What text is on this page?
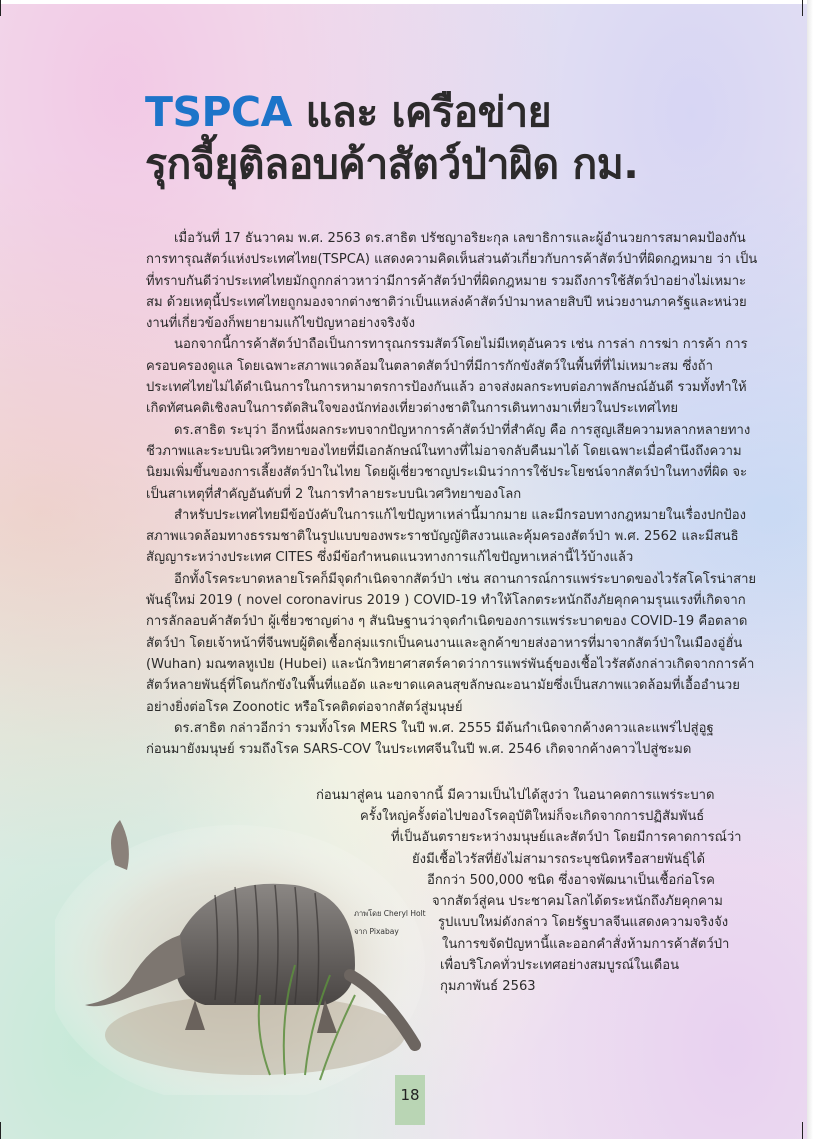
TSPCA และ เครือข่าย
รุกจี้ยุติลอบค้าสัตว์ป่าผิด กม.

เมื่อวันที่ 17 ธันวาคม พ.ศ. 2563 ดร.สาธิต ปรัชญาอริยะกุล เลขาธิการและผู้อำนวยการสมาคมป้องกันการทารุณสัตว์แห่งประเทศไทย(TSPCA) แสดงความคิดเห็นส่วนตัวเกี่ยวกับการค้าสัตว์ป่าที่ผิดกฎหมาย ว่า เป็นที่ทราบกันดีว่าประเทศไทยมักถูกกล่าวหาว่ามีการค้าสัตว์ป่าที่ผิดกฎหมาย รวมถึงการใช้สัตว์ป่าอย่างไม่เหมาะสม ด้วยเหตุนี้ประเทศไทยถูกมองจากต่างชาติว่าเป็นแหล่งค้าสัตว์ป่ามาหลายสิบปี หน่วยงานภาครัฐและหน่วยงานที่เกี่ยวข้องก็พยายามแก้ไขปัญหาอย่างจริงจัง

นอกจากนี้การค้าสัตว์ป่าถือเป็นการทารุณกรรมสัตว์โดยไม่มีเหตุอันควร เช่น การล่า การฆ่า การค้า การครอบครองดูแล โดยเฉพาะสภาพแวดล้อมในตลาดสัตว์ป่าที่มีการกักขังสัตว์ในพื้นที่ที่ไม่เหมาะสม ซึ่งถ้าประเทศไทยไม่ได้ดำเนินการในการหามาตรการป้องกันแล้ว อาจส่งผลกระทบต่อภาพลักษณ์อันดี รวมทั้งทำให้เกิดทัศนคติเชิงลบในการตัดสินใจของนักท่องเที่ยวต่างชาติในการเดินทางมาเที่ยวในประเทศไทย

ดร.สาธิต ระบุว่า อีกหนึ่งผลกระทบจากปัญหาการค้าสัตว์ป่าที่สำคัญ คือ การสูญเสียความหลากหลายทางชีวภาพและระบบนิเวศวิทยาของไทยที่มีเอกลักษณ์ในทางที่ไม่อาจกลับคืนมาได้ โดยเฉพาะเมื่อคำนึงถึงความนิยมเพิ่มขึ้นของการเลี้ยงสัตว์ป่าในไทย โดยผู้เชี่ยวชาญประเมินว่าการใช้ประโยชน์จากสัตว์ป่าในทางที่ผิด จะเป็นสาเหตุที่สำคัญอันดับที่ 2 ในการทำลายระบบนิเวศวิทยาของโลก

สำหรับประเทศไทยมีข้อบังคับในการแก้ไขปัญหาเหล่านี้มากมาย และมีกรอบทางกฎหมายในเรื่องปกป้องสภาพแวดล้อมทางธรรมชาติในรูปแบบของพระราชบัญญัติสงวนและคุ้มครองสัตว์ป่า พ.ศ. 2562 และมีสนธิสัญญาระหว่างประเทศ CITES ซึ่งมีข้อกำหนดแนวทางการแก้ไขปัญหาเหล่านี้ไว้บ้างแล้ว

อีกทั้งโรคระบาดหลายโรคก็มีจุดกำเนิดจากสัตว์ป่า เช่น สถานการณ์การแพร่ระบาดของไวรัสโคโรน่าสายพันธุ์ใหม่ 2019 ( novel coronavirus 2019 ) COVID-19 ทำให้โลกตระหนักถึงภัยคุกคามรุนแรงที่เกิดจากการลักลอบค้าสัตว์ป่า ผู้เชี่ยวชาญต่าง ๆ สันนิษฐานว่าจุดกำเนิดของการแพร่ระบาดของ COVID-19 คือตลาดสัตว์ป่า โดยเจ้าหน้าที่จีนพบผู้ติดเชื้อกลุ่มแรกเป็นคนงานและลูกค้าขายส่งอาหารที่มาจากสัตว์ป่าในเมืองอู่ฮั่น (Wuhan) มณฑลหูเป่ย (Hubei) และนักวิทยาศาสตร์คาดว่าการแพร่พันธุ์ของเชื้อไวรัสดังกล่าวเกิดจากการค้าสัตว์หลายพันธุ์ที่โดนกักขังในพื้นที่แออัด และขาดแคลนสุขลักษณะอนามัยซึ่งเป็นสภาพแวดล้อมที่เอื้ออำนวยอย่างยิ่งต่อโรค Zoonotic หรือโรคติดต่อจากสัตว์สู่มนุษย์

ดร.สาธิต กล่าวอีกว่า รวมทั้งโรค MERS ในปี พ.ศ. 2555 มีต้นกำเนิดจากค้างคาวและแพร่ไปสู่อูฐ

ก่อนมายังมนุษย์ รวมถึงโรค SARS-COV ในประเทศจีนในปี พ.ศ. 2546 เกิดจากค้างคาวไปสู่ชะมด

ภาพโดย Cheryl Holt
จาก Pixabay
ก่อนมาสู่คน นอกจากนี้ มีความเป็นไปได้สูงว่า ในอนาคตการแพร่ระบาด
ครั้งใหญ่ครั้งต่อไปของโรคอุบัติใหม่ก็จะเกิดจากการปฏิสัมพันธ์
ที่เป็นอันตรายระหว่างมนุษย์และสัตว์ป่า โดยมีการคาดการณ์ว่า
ยังมีเชื้อไวรัสที่ยังไม่สามารถระบุชนิดหรือสายพันธุ์ได้
อีกกว่า 500,000 ชนิด ซึ่งอาจพัฒนาเป็นเชื้อก่อโรค
จากสัตว์สู่คน ประชาคมโลกได้ตระหนักถึงภัยคุกคาม
รูปแบบใหม่ดังกล่าว โดยรัฐบาลจีนแสดงความจริงจัง
ในการขจัดปัญหานี้และออกคำสั่งห้ามการค้าสัตว์ป่า
เพื่อบริโภคทั่วประเทศอย่างสมบูรณ์ในเดือน
กุมภาพันธ์ 2563
18
